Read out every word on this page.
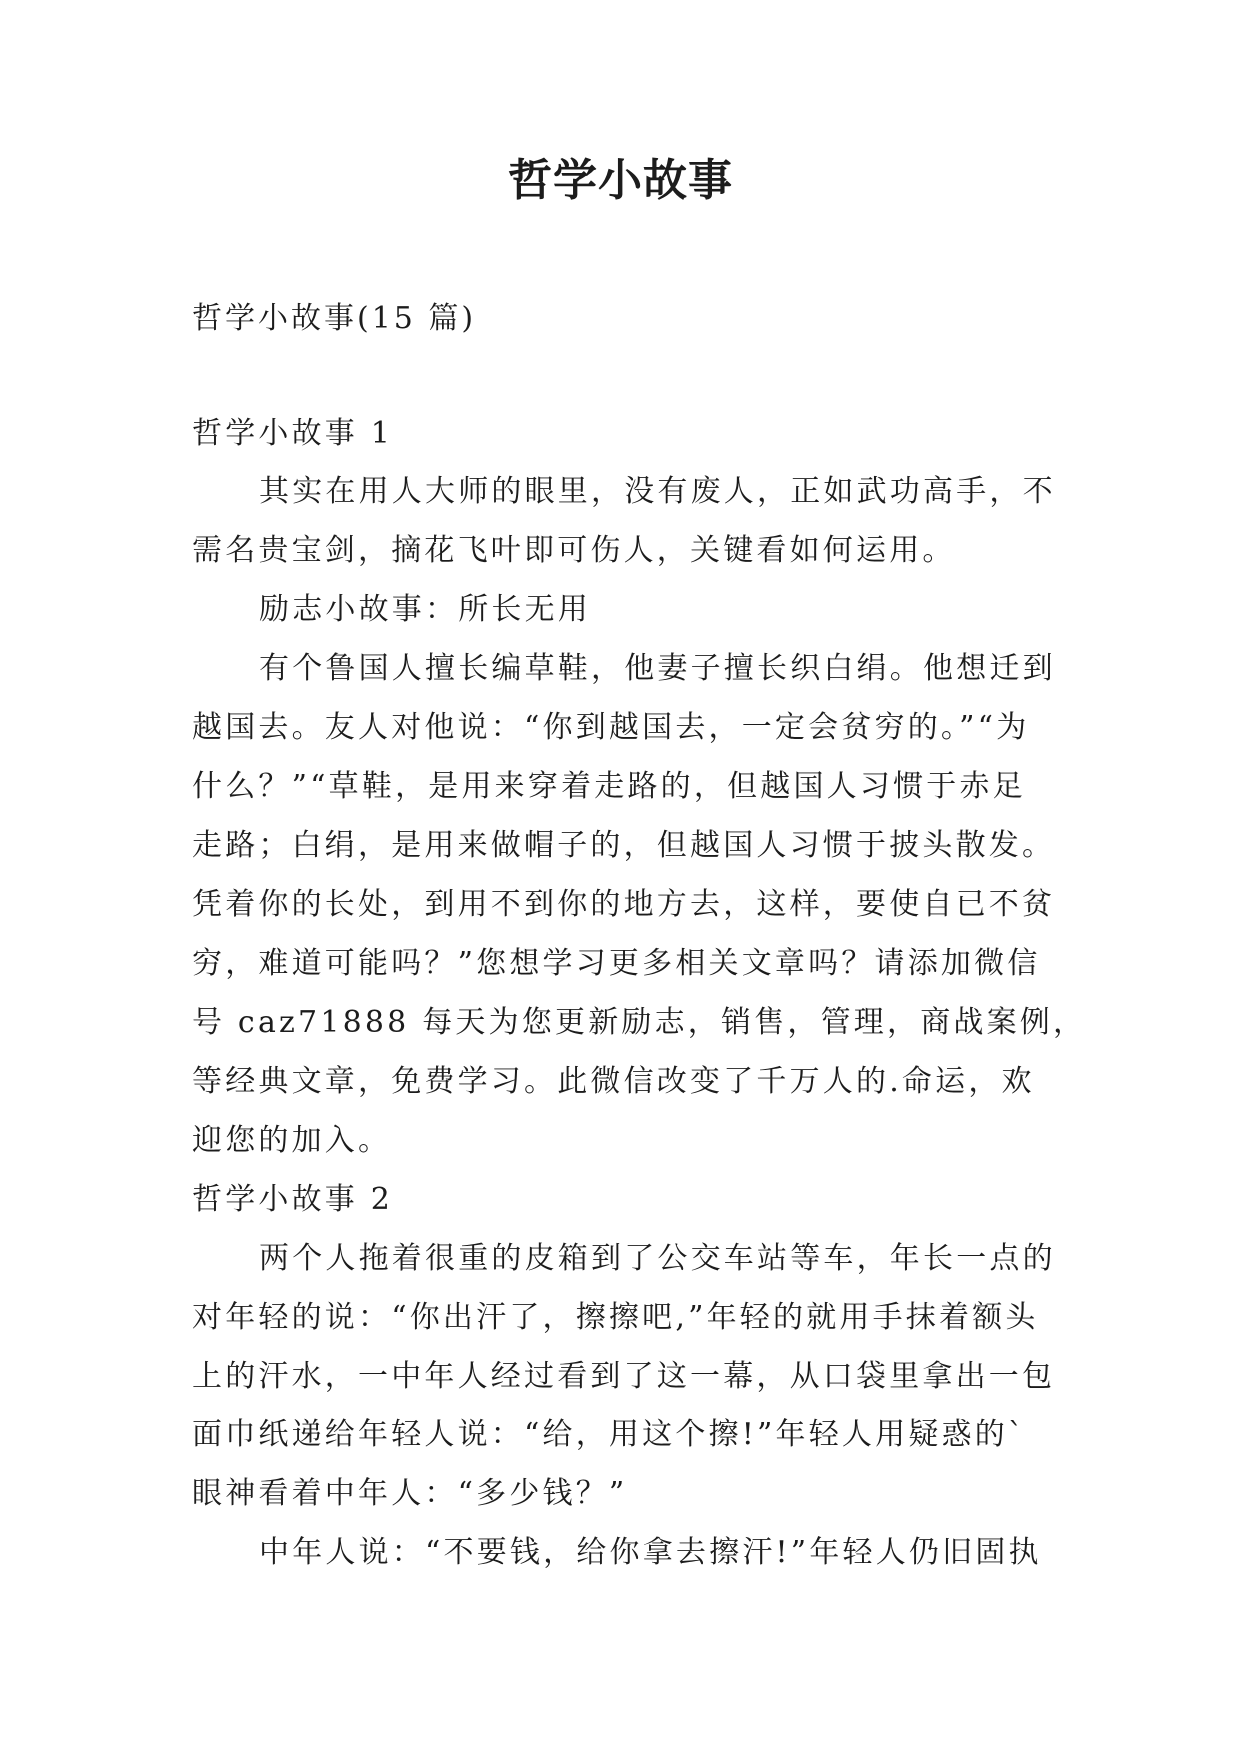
哲学小故事
哲学小故事(15 篇)
哲学小故事 1
其实在用人大师的眼里，没有废人，正如武功高手，不
需名贵宝剑，摘花飞叶即可伤人，关键看如何运用。
励志小故事：所长无用
有个鲁国人擅长编草鞋，他妻子擅长织白绢。他想迁到
越国去。友人对他说：“你到越国去，一定会贫穷的。”“为
什么？”“草鞋，是用来穿着走路的，但越国人习惯于赤足
走路；白绢，是用来做帽子的，但越国人习惯于披头散发。
凭着你的长处，到用不到你的地方去，这样，要使自已不贫
穷，难道可能吗？”您想学习更多相关文章吗？请添加微信
号 caz71888 每天为您更新励志，销售，管理，商战案例，
等经典文章，免费学习。此微信改变了千万人的.命运，欢
迎您的加入。
哲学小故事 2
两个人拖着很重的皮箱到了公交车站等车，年长一点的
对年轻的说：“你出汗了，擦擦吧,”年轻的就用手抹着额头
上的汗水，一中年人经过看到了这一幕，从口袋里拿出一包
面巾纸递给年轻人说：“给，用这个擦!”年轻人用疑惑的`
眼神看着中年人：“多少钱？”
中年人说：“不要钱，给你拿去擦汗!”年轻人仍旧固执
